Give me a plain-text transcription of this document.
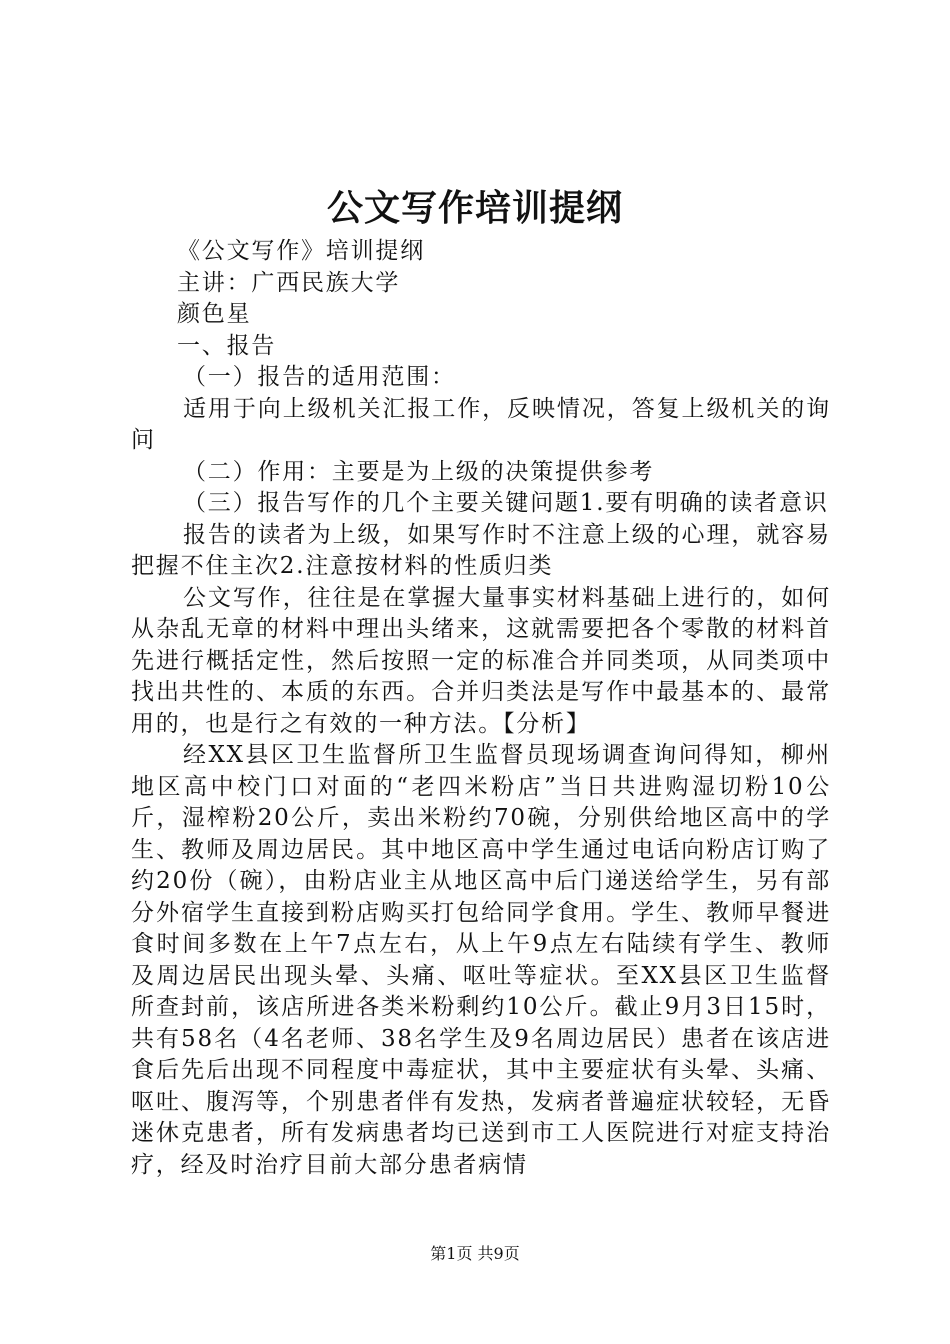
公文写作培训提纲

《公文写作》培训提纲

主讲：广西民族大学

颜色星

一、报告

（一）报告的适用范围：

适用于向上级机关汇报工作，反映情况，答复上级机关的询问

（二）作用：主要是为上级的决策提供参考

（三）报告写作的几个主要关键问题1.要有明确的读者意识

报告的读者为上级，如果写作时不注意上级的心理，就容易把握不住主次2.注意按材料的性质归类

公文写作，往往是在掌握大量事实材料基础上进行的，如何从杂乱无章的材料中理出头绪来，这就需要把各个零散的材料首先进行概括定性，然后按照一定的标准合并同类项，从同类项中找出共性的、本质的东西。合并归类法是写作中最基本的、最常用的，也是行之有效的一种方法。【分析】

经XX县区卫生监督所卫生监督员现场调查询问得知，柳州地区高中校门口对面的“老四米粉店”当日共进购湿切粉10公斤，湿榨粉20公斤，卖出米粉约70碗，分别供给地区高中的学生、教师及周边居民。其中地区高中学生通过电话向粉店订购了约20份（碗），由粉店业主从地区高中后门递送给学生，另有部分外宿学生直接到粉店购买打包给同学食用。学生、教师早餐进食时间多数在上午7点左右，从上午9点左右陆续有学生、教师及周边居民出现头晕、头痛、呕吐等症状。至XX县区卫生监督所查封前，该店所进各类米粉剩约10公斤。截止9月3日15时，共有58名（4名老师、38名学生及9名周边居民）患者在该店进食后先后出现不同程度中毒症状，其中主要症状有头晕、头痛、呕吐、腹泻等，个别患者伴有发热，发病者普遍症状较轻，无昏迷休克患者，所有发病患者均已送到市工人医院进行对症支持治疗，经及时治疗目前大部分患者病情

第1页 共9页
